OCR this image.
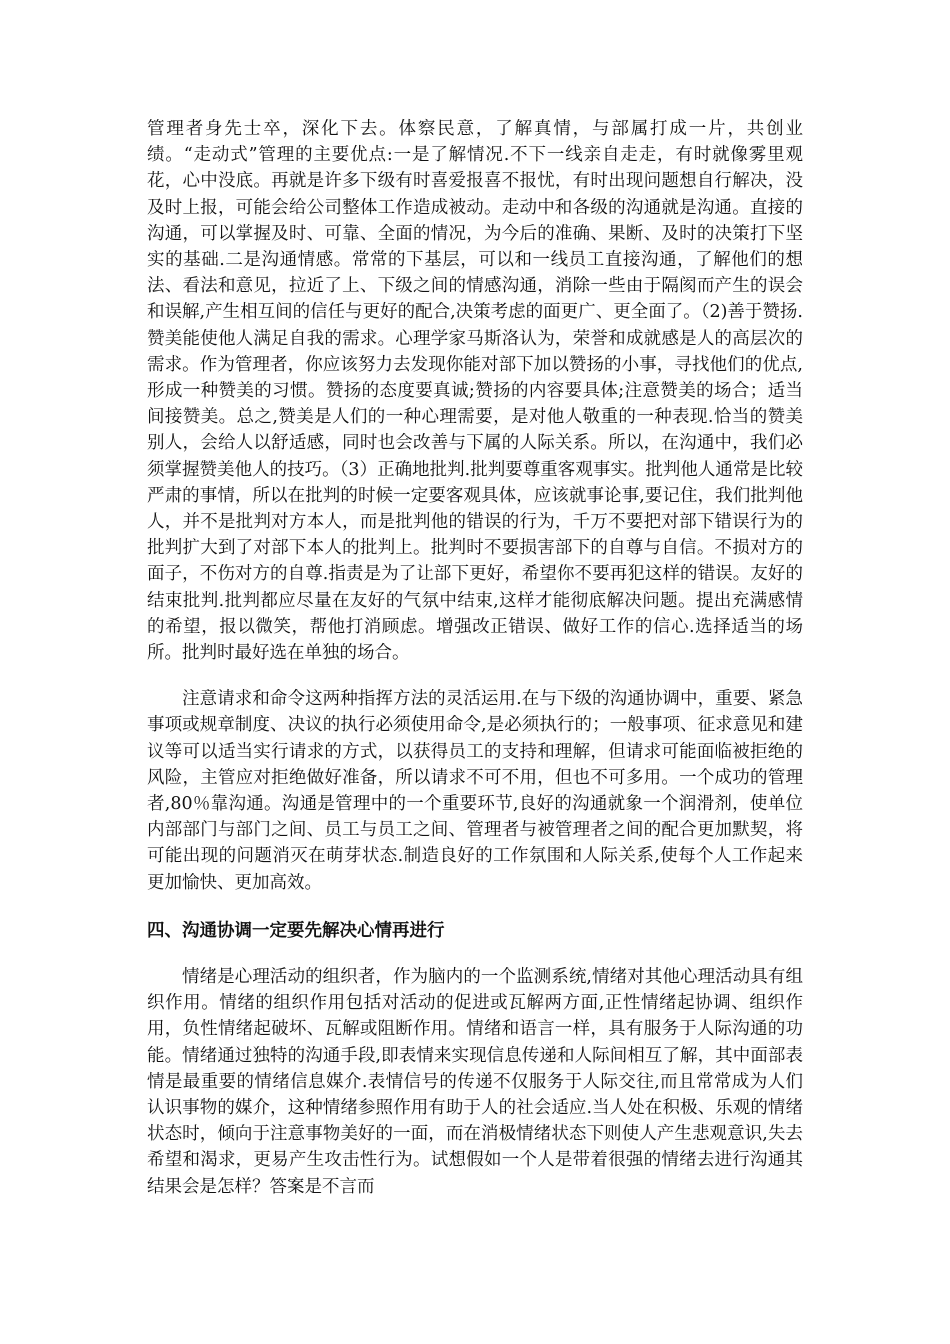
管理者身先士卒，深化下去。体察民意，了解真情，与部属打成一片，共创业绩。“走动式”管理的主要优点:一是了解情况.不下一线亲自走走，有时就像雾里观花，心中没底。再就是许多下级有时喜爱报喜不报忧，有时出现问题想自行解决，没及时上报，可能会给公司整体工作造成被动。走动中和各级的沟通就是沟通。直接的沟通，可以掌握及时、可靠、全面的情况，为今后的准确、果断、及时的决策打下坚实的基础.二是沟通情感。常常的下基层，可以和一线员工直接沟通，了解他们的想法、看法和意见，拉近了上、下级之间的情感沟通，消除一些由于隔阂而产生的误会和误解,产生相互间的信任与更好的配合,决策考虑的面更广、更全面了。（2)善于赞扬.赞美能使他人满足自我的需求。心理学家马斯洛认为，荣誉和成就感是人的高层次的需求。作为管理者，你应该努力去发现你能对部下加以赞扬的小事，寻找他们的优点,形成一种赞美的习惯。赞扬的态度要真诚;赞扬的内容要具体;注意赞美的场合；适当间接赞美。总之,赞美是人们的一种心理需要，是对他人敬重的一种表现.恰当的赞美别人，会给人以舒适感，同时也会改善与下属的人际关系。所以，在沟通中，我们必须掌握赞美他人的技巧。（3）正确地批判.批判要尊重客观事实。批判他人通常是比较严肃的事情，所以在批判的时候一定要客观具体，应该就事论事,要记住，我们批判他人，并不是批判对方本人，而是批判他的错误的行为，千万不要把对部下错误行为的批判扩大到了对部下本人的批判上。批判时不要损害部下的自尊与自信。不损对方的面子，不伤对方的自尊.指责是为了让部下更好，希望你不要再犯这样的错误。友好的结束批判.批判都应尽量在友好的气氛中结束,这样才能彻底解决问题。提出充满感情的希望，报以微笑，帮他打消顾虑。增强改正错误、做好工作的信心.选择适当的场所。批判时最好选在单独的场合。

注意请求和命令这两种指挥方法的灵活运用.在与下级的沟通协调中，重要、紧急事项或规章制度、决议的执行必须使用命令,是必须执行的；一般事项、征求意见和建议等可以适当实行请求的方式，以获得员工的支持和理解，但请求可能面临被拒绝的风险，主管应对拒绝做好准备，所以请求不可不用，但也不可多用。一个成功的管理者,80％靠沟通。沟通是管理中的一个重要环节,良好的沟通就象一个润滑剂，使单位内部部门与部门之间、员工与员工之间、管理者与被管理者之间的配合更加默契，将可能出现的问题消灭在萌芽状态.制造良好的工作氛围和人际关系,使每个人工作起来更加愉快、更加高效。

四、沟通协调一定要先解决心情再进行

情绪是心理活动的组织者，作为脑内的一个监测系统,情绪对其他心理活动具有组织作用。情绪的组织作用包括对活动的促进或瓦解两方面,正性情绪起协调、组织作用，负性情绪起破坏、瓦解或阻断作用。情绪和语言一样，具有服务于人际沟通的功能。情绪通过独特的沟通手段,即表情来实现信息传递和人际间相互了解，其中面部表情是最重要的情绪信息媒介.表情信号的传递不仅服务于人际交往,而且常常成为人们认识事物的媒介，这种情绪参照作用有助于人的社会适应.当人处在积极、乐观的情绪状态时，倾向于注意事物美好的一面，而在消极情绪状态下则使人产生悲观意识,失去希望和渴求，更易产生攻击性行为。试想假如一个人是带着很强的情绪去进行沟通其结果会是怎样？答案是不言而
